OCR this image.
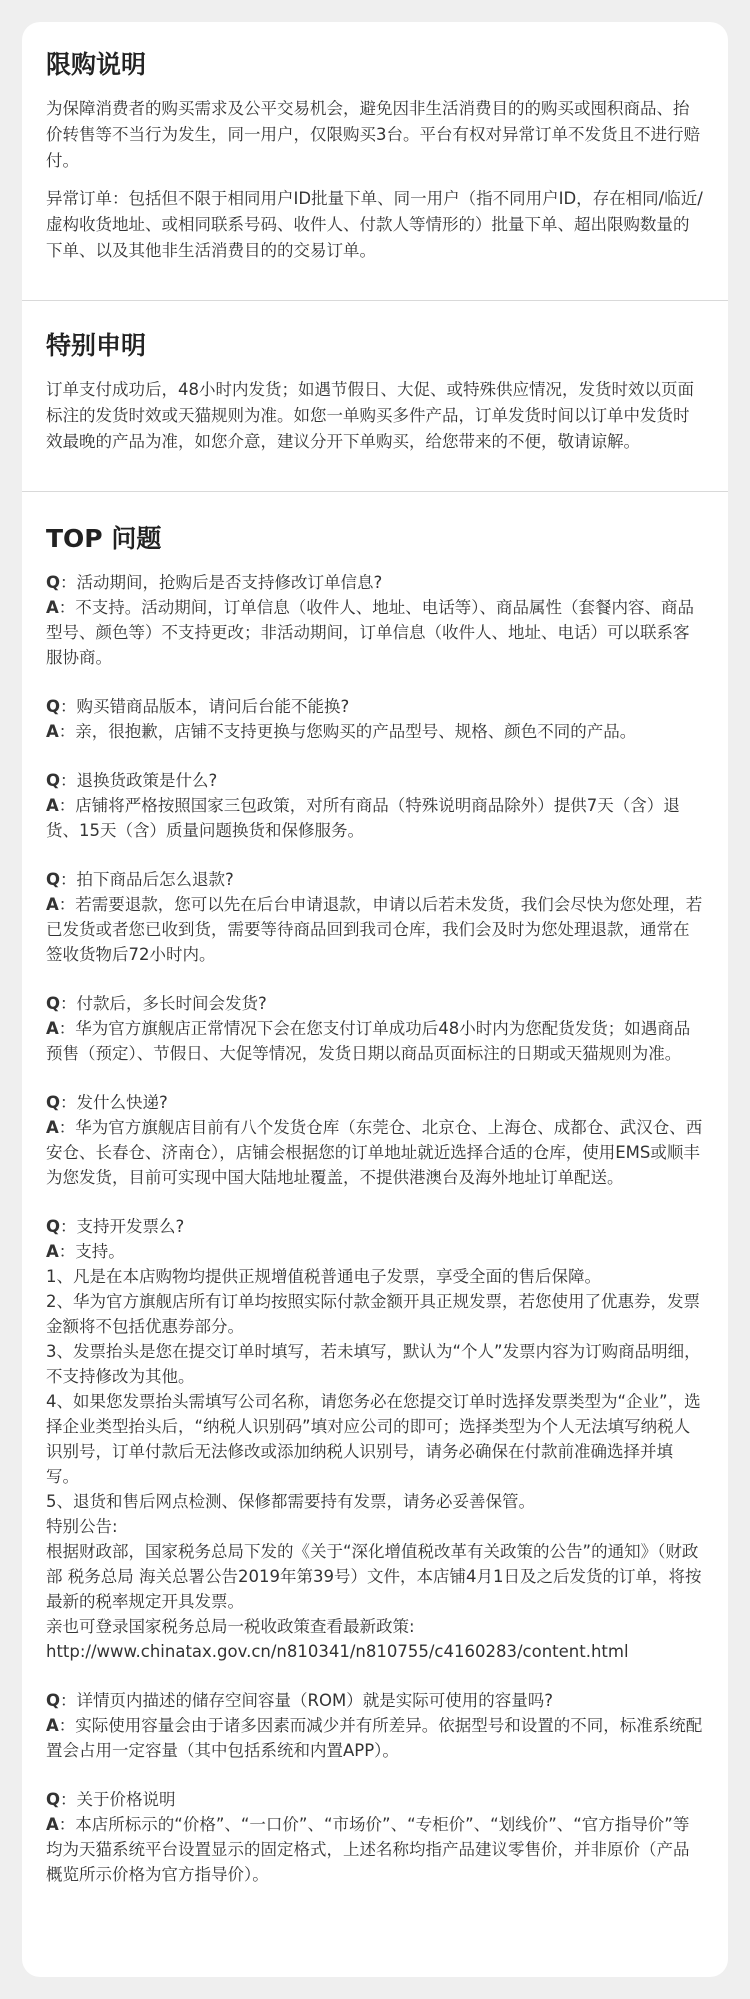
限购说明

为保障消费者的购买需求及公平交易机会，避免因非生活消费目的的购买或囤积商品、抬价转售等不当行为发生，同一用户，仅限购买3台。平台有权对异常订单不发货且不进行赔付。

异常订单：包括但不限于相同用户ID批量下单、同一用户（指不同用户ID，存在相同/临近/虚构收货地址、或相同联系号码、收件人、付款人等情形的）批量下单、超出限购数量的下单、以及其他非生活消费目的的交易订单。

特别申明

订单支付成功后，48小时内发货；如遇节假日、大促、或特殊供应情况，发货时效以页面标注的发货时效或天猫规则为准。如您一单购买多件产品，订单发货时间以订单中发货时效最晚的产品为准，如您介意，建议分开下单购买，给您带来的不便，敬请谅解。

TOP 问题

Q：活动期间，抢购后是否支持修改订单信息?

A：不支持。活动期间，订单信息（收件人、地址、电话等）、商品属性（套餐内容、商品型号、颜色等）不支持更改；非活动期间，订单信息（收件人、地址、电话）可以联系客服协商。

Q：购买错商品版本，请问后台能不能换?

A：亲，很抱歉，店铺不支持更换与您购买的产品型号、规格、颜色不同的产品。

Q：退换货政策是什么?

A：店铺将严格按照国家三包政策，对所有商品（特殊说明商品除外）提供7天（含）退货、15天（含）质量问题换货和保修服务。

Q：拍下商品后怎么退款?

A：若需要退款，您可以先在后台申请退款，申请以后若未发货，我们会尽快为您处理，若已发货或者您已收到货，需要等待商品回到我司仓库，我们会及时为您处理退款，通常在签收货物后72小时内。

Q：付款后，多长时间会发货?

A：华为官方旗舰店正常情况下会在您支付订单成功后48小时内为您配货发货；如遇商品预售（预定）、节假日、大促等情况，发货日期以商品页面标注的日期或天猫规则为准。

Q：发什么快递?

A：华为官方旗舰店目前有八个发货仓库（东莞仓、北京仓、上海仓、成都仓、武汉仓、西安仓、长春仓、济南仓），店铺会根据您的订单地址就近选择合适的仓库，使用EMS或顺丰为您发货，目前可实现中国大陆地址覆盖，不提供港澳台及海外地址订单配送。

Q：支持开发票么?

A：支持。

1、凡是在本店购物均提供正规增值税普通电子发票，享受全面的售后保障。

2、华为官方旗舰店所有订单均按照实际付款金额开具正规发票，若您使用了优惠券，发票金额将不包括优惠券部分。

3、发票抬头是您在提交订单时填写，若未填写，默认为“个人”发票内容为订购商品明细，不支持修改为其他。

4、如果您发票抬头需填写公司名称，请您务必在您提交订单时选择发票类型为“企业”，选择企业类型抬头后，“纳税人识别码”填对应公司的即可；选择类型为个人无法填写纳税人识别号，订单付款后无法修改或添加纳税人识别号，请务必确保在付款前准确选择并填写。

5、退货和售后网点检测、保修都需要持有发票，请务必妥善保管。

特别公告:

根据财政部，国家税务总局下发的《关于“深化增值税改革有关政策的公告”的通知》（财政部 税务总局 海关总署公告2019年第39号）文件，本店铺4月1日及之后发货的订单，将按最新的税率规定开具发票。

亲也可登录国家税务总局一税收政策查看最新政策:

http://www.chinatax.gov.cn/n810341/n810755/c4160283/content.html

Q：详情页内描述的储存空间容量（ROM）就是实际可使用的容量吗?

A：实际使用容量会由于诸多因素而减少并有所差异。依据型号和设置的不同，标准系统配置会占用一定容量（其中包括系统和内置APP）。

Q：关于价格说明

A：本店所标示的“价格”、“一口价”、“市场价”、“专柜价”、“划线价”、“官方指导价”等均为天猫系统平台设置显示的固定格式，上述名称均指产品建议零售价，并非原价（产品概览所示价格为官方指导价）。
